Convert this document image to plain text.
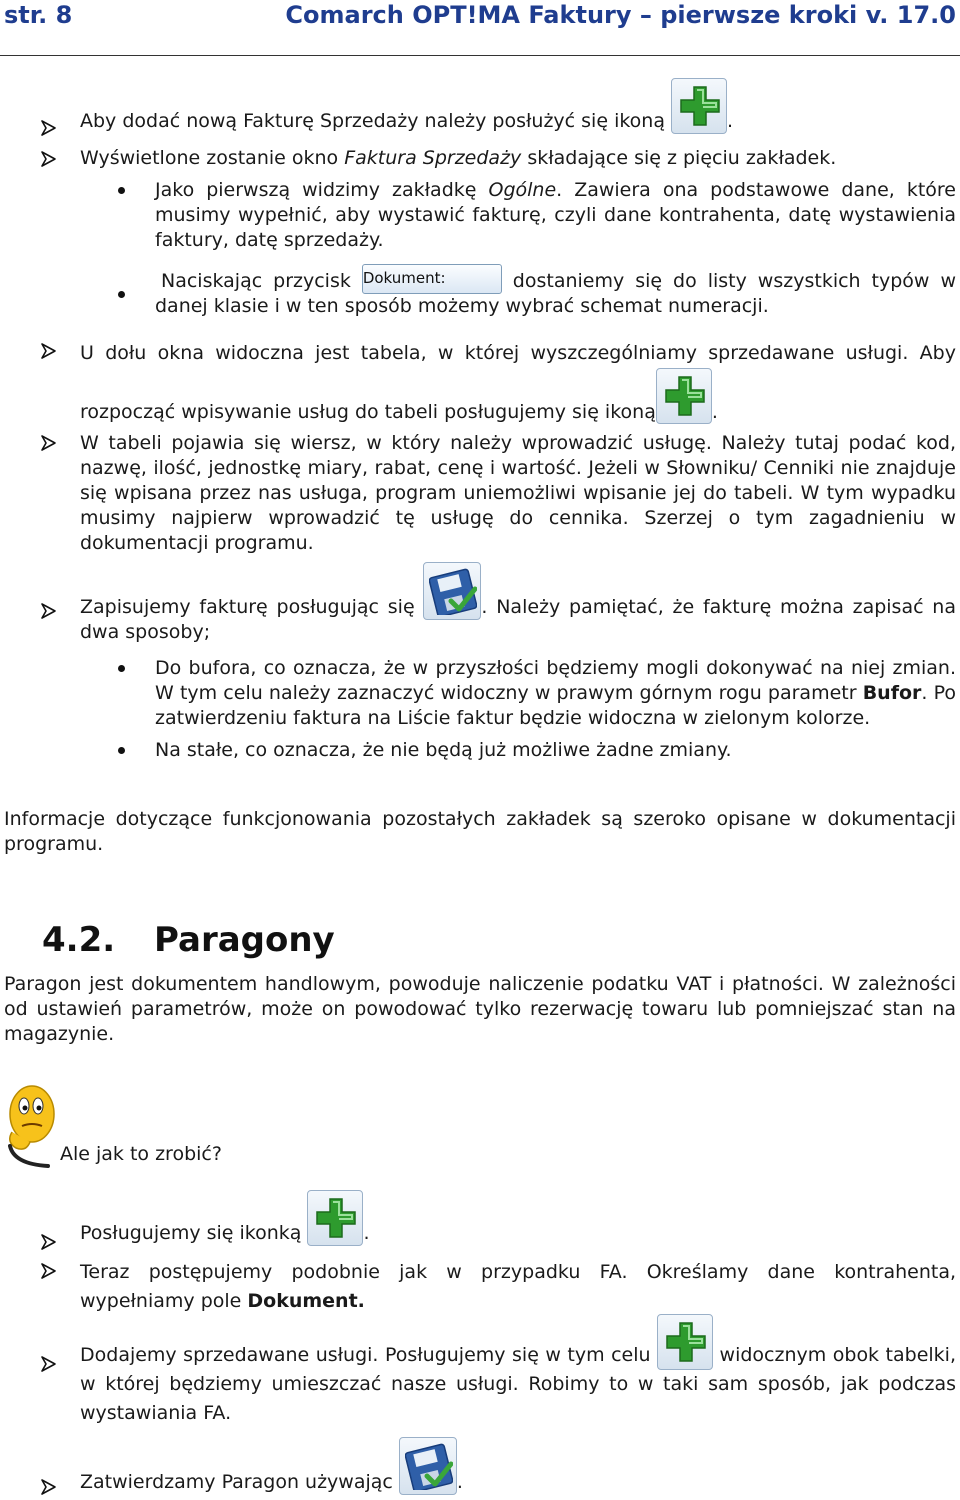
str. 8	Comarch OPT!MA Faktury – pierwsze kroki v. 17.0
Aby dodać nową Fakturę Sprzedaży należy posłużyć się ikoną	.
Wyświetlone zostanie okno Faktura Sprzedaży składające się z pięciu zakładek.
Jako pierwszą widzimy zakładkę Ogólne. Zawiera ona podstawowe dane, które musimy wypełnić, aby wystawić fakturę, czyli dane kontrahenta, datę wystawienia faktury, datę sprzedaży.
Naciskając przycisk Dokument:	dostaniemy się do listy wszystkich typów w danej klasie i w ten sposób możemy wybrać schemat numeracji.
U dołu okna widoczna jest tabela, w której wyszczególniamy sprzedawane usługi. Aby rozpocząć wpisywanie usług do tabeli posługujemy się ikoną	.
W tabeli pojawia się wiersz, w który należy wprowadzić usługę. Należy tutaj podać kod, nazwę, ilość, jednostkę miary, rabat, cenę i wartość. Jeżeli w Słowniku/ Cenniki nie znajduje się wpisana przez nas usługa, program uniemożliwi wpisanie jej do tabeli. W tym wypadku musimy najpierw wprowadzić tę usługę do cennika. Szerzej o tym zagadnieniu w dokumentacji programu.
Zapisujemy fakturę posługując się	. Należy pamiętać, że fakturę można zapisać na dwa sposoby;
Do bufora, co oznacza, że w przyszłości będziemy mogli dokonywać na niej zmian. W tym celu należy zaznaczyć widoczny w prawym górnym rogu parametr Bufor. Po zatwierdzeniu faktura na Liście faktur będzie widoczna w zielonym kolorze.
Na stałe, co oznacza, że nie będą już możliwe żadne zmiany.
Informacje dotyczące funkcjonowania pozostałych zakładek są szeroko opisane w dokumentacji programu.
4.2. Paragony
Paragon jest dokumentem handlowym, powoduje naliczenie podatku VAT i płatności. W zależności od ustawień parametrów, może on powodować tylko rezerwację towaru lub pomniejszać stan na magazynie.
Ale jak to zrobić?
Posługujemy się ikonką	.
Teraz postępujemy podobnie jak w przypadku FA. Określamy dane kontrahenta, wypełniamy pole Dokument.
Dodajemy sprzedawane usługi. Posługujemy się w tym celu	widocznym obok tabelki, w której będziemy umieszczać nasze usługi. Robimy to w taki sam sposób, jak podczas wystawiania FA.
Zatwierdzamy Paragon używając	.
